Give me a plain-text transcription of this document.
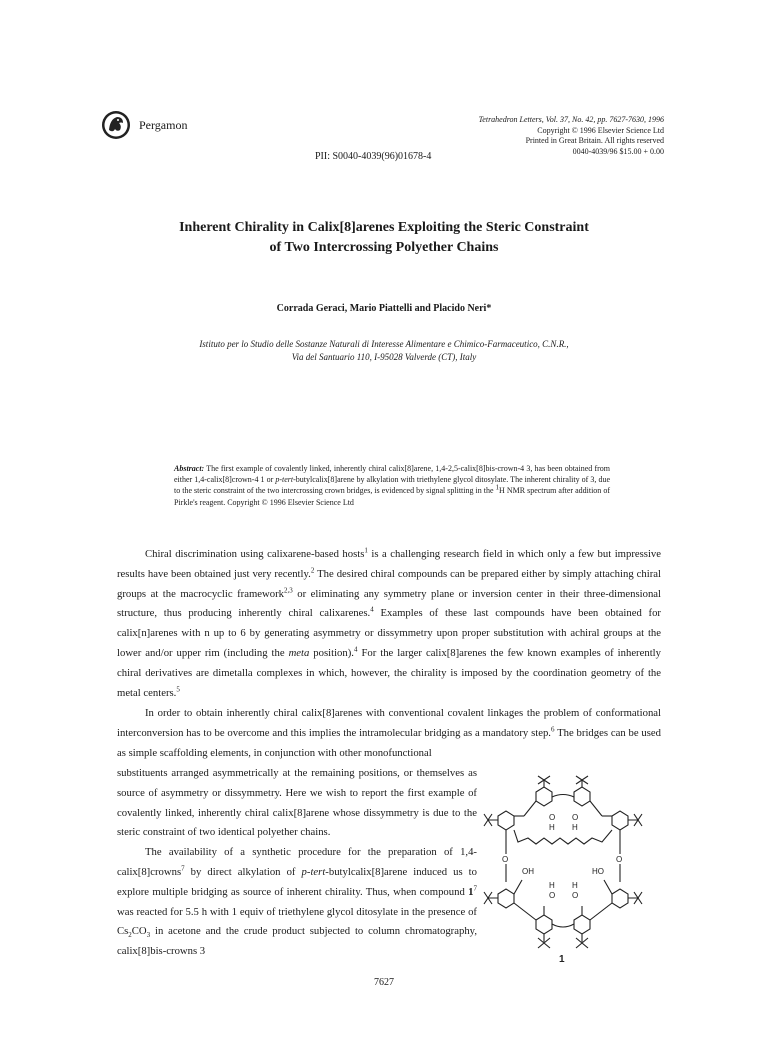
Pergamon	Tetrahedron Letters, Vol. 37, No. 42, pp. 7627-7630, 1996
Copyright © 1996 Elsevier Science Ltd
Printed in Great Britain. All rights reserved
0040-4039/96 $15.00 + 0.00
PII: S0040-4039(96)01678-4
Inherent Chirality in Calix[8]arenes Exploiting the Steric Constraint
of Two Intercrossing Polyether Chains
Corrada Geraci, Mario Piattelli and Placido Neri*
Istituto per lo Studio delle Sostanze Naturali di Interesse Alimentare e Chimico-Farmaceutico, C.N.R.,
Via del Santuario 110, I-95028 Valverde (CT), Italy
Abstract: The first example of covalently linked, inherently chiral calix[8]arene, 1,4-2,5-calix[8]bis-crown-4 3, has been obtained from either 1,4-calix[8]crown-4 1 or p-tert-butylcalix[8]arene by alkylation with triethylene glycol ditosylate. The inherent chirality of 3, due to the steric constraint of the two intercrossing crown bridges, is evidenced by signal splitting in the $^1$H NMR spectrum after addition of Pirkle's reagent. Copyright © 1996 Elsevier Science Ltd

Chiral discrimination using calixarene-based hosts$^1$ is a challenging research field in which only a few but impressive results have been obtained just very recently.$^2$ The desired chiral compounds can be prepared either by simply attaching chiral groups at the macrocyclic framework$^{2,3}$ or eliminating any symmetry plane or inversion center in their three-dimensional structure, thus producing inherently chiral calixarenes.$^4$ Examples of these last compounds have been obtained for calix[n]arenes with n up to 6 by generating asymmetry or dissymmetry upon proper substitution with achiral groups at the lower and/or upper rim (including the meta position).$^4$ For the larger calix[8]arenes the few known examples of inherently chiral derivatives are dimetalla complexes in which, however, the chirality is imposed by the coordination geometry of the metal centers.$^5$

In order to obtain inherently chiral calix[8]arenes with conventional covalent linkages the problem of conformational interconversion has to be overcome and this implies the intramolecular bridging as a mandatory step.$^6$ The bridges can be used as simple scaffolding elements, in conjunction with other monofunctional

substituents arranged asymmetrically at the remaining positions, or themselves as source of asymmetry or dissymmetry. Here we wish to report the first example of covalently linked, inherently chiral calix[8]arene whose dissymmetry is due to the steric constraint of two identical polyether chains.

The availability of a synthetic procedure for the preparation of 1,4-calix[8]crowns$^7$ by direct alkylation of p-tert-butylcalix[8]arene induced us to explore multiple bridging as source of inherent chirality. Thus, when compound $1^7$ was reacted for 5.5 h with 1 equiv of triethylene glycol ditosylate in the presence of $Cs_2CO_3$ in acetone and the crude product subjected to column chromatography, calix[8]bis-crowns 3

O
H
O
H
O	O
OH	HO
H
O
H
O
1
7627
